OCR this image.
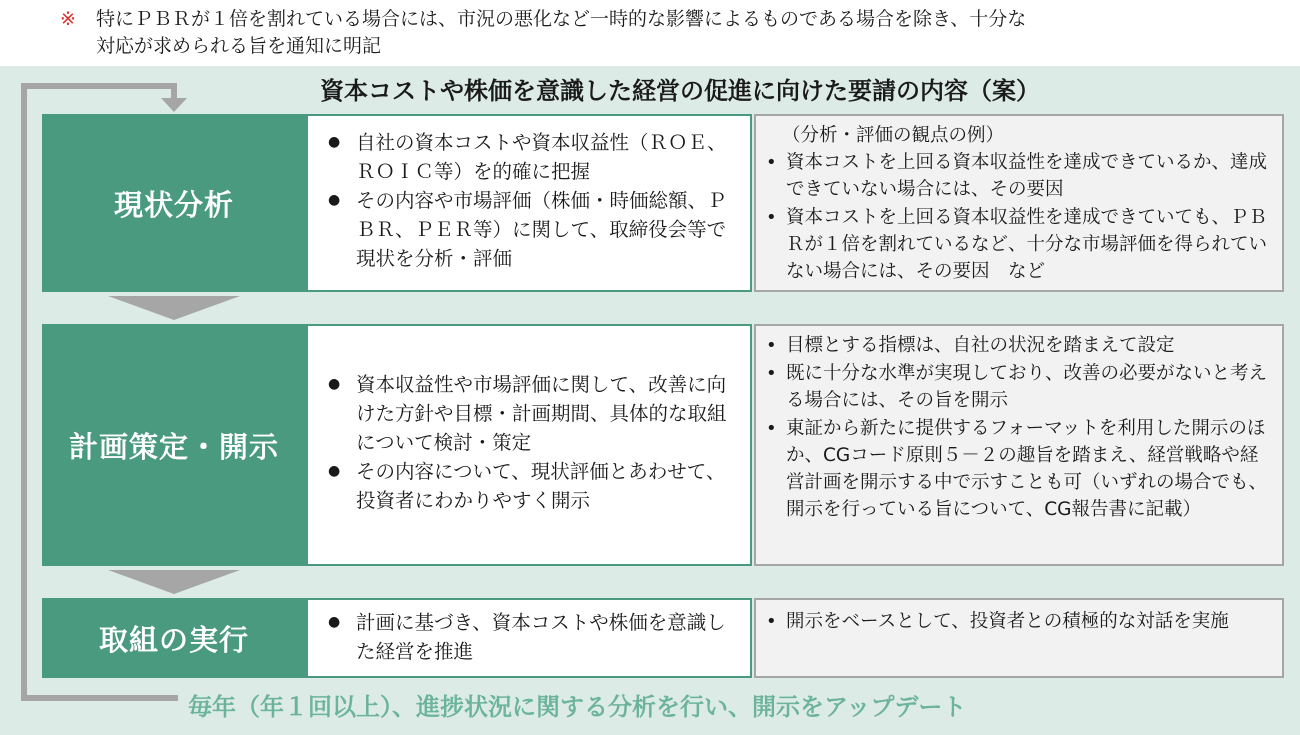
※ 特にＰＢＲが１倍を割れている場合には、市況の悪化など一時的な影響によるものである場合を除き、十分な
対応が求められる旨を通知に明記
資本コストや株価を意識した経営の促進に向けた要請の内容（案）
現状分析
● 自社の資本コストや資本収益性（ＲＯＥ、ＲＯＩＣ等）を的確に把握
● その内容や市場評価（株価・時価総額、ＰＢＲ、ＰＥＲ等）に関して、取締役会等で現状を分析・評価
（分析・評価の観点の例）
• 資本コストを上回る資本収益性を達成できているか、達成できていない場合には、その要因
• 資本コストを上回る資本収益性を達成できていても、ＰＢＲが１倍を割れているなど、十分な市場評価を得られていない場合には、その要因　など
計画策定・開示
● 資本収益性や市場評価に関して、改善に向けた方針や目標・計画期間、具体的な取組について検討・策定
● その内容について、現状評価とあわせて、投資者にわかりやすく開示
• 目標とする指標は、自社の状況を踏まえて設定
• 既に十分な水準が実現しており、改善の必要がないと考える場合には、その旨を開示
• 東証から新たに提供するフォーマットを利用した開示のほか、CGコード原則５－２の趣旨を踏まえ、経営戦略や経営計画を開示する中で示すことも可（いずれの場合でも、開示を行っている旨について、CG報告書に記載）
取組の実行
●	計画に基づき、資本コストや株価を意識した経営を推進
• 開示をベースとして、投資者との積極的な対話を実施
毎年（年１回以上）、進捗状況に関する分析を行い、開示をアップデート
